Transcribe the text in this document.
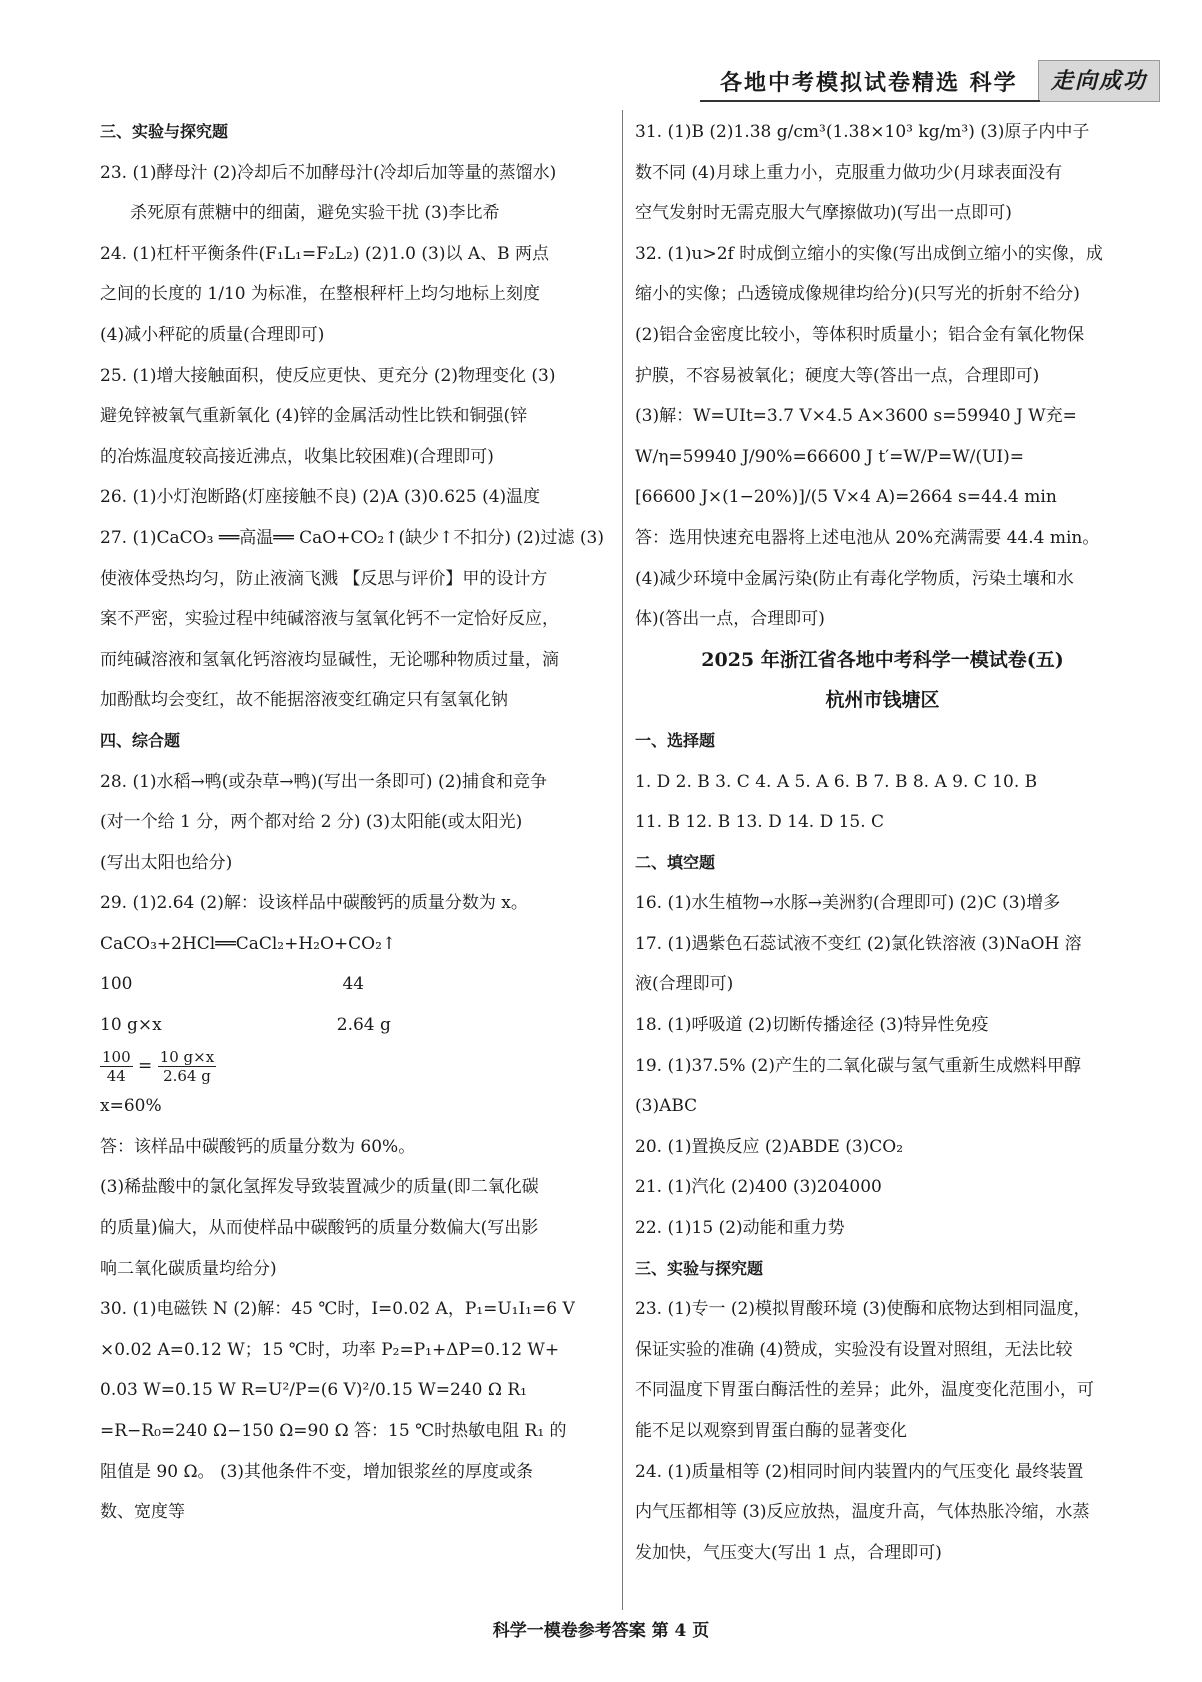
各地中考模拟试卷精选 科学	走向成功
三、实验与探究题
23. (1)酵母汁 (2)冷却后不加酵母汁(冷却后加等量的蒸馏水)
杀死原有蔗糖中的细菌，避免实验干扰 (3)李比希
24. (1)杠杆平衡条件(F₁L₁=F₂L₂) (2)1.0 (3)以 A、B 两点
之间的长度的 1/10 为标准，在整根秤杆上均匀地标上刻度
(4)减小秤砣的质量(合理即可)
25. (1)增大接触面积，使反应更快、更充分 (2)物理变化 (3)
避免锌被氧气重新氧化 (4)锌的金属活动性比铁和铜强(锌
的冶炼温度较高接近沸点，收集比较困难)(合理即可)
26. (1)小灯泡断路(灯座接触不良) (2)A (3)0.625 (4)温度
27. (1)CaCO₃ ══高温══ CaO+CO₂↑(缺少↑不扣分) (2)过滤 (3)
使液体受热均匀，防止液滴飞溅 【反思与评价】甲的设计方
案不严密，实验过程中纯碱溶液与氢氧化钙不一定恰好反应，
而纯碱溶液和氢氧化钙溶液均显碱性，无论哪种物质过量，滴
加酚酞均会变红，故不能据溶液变红确定只有氢氧化钠
四、综合题
28. (1)水稻→鸭(或杂草→鸭)(写出一条即可) (2)捕食和竞争
(对一个给 1 分，两个都对给 2 分) (3)太阳能(或太阳光)
(写出太阳也给分)
29. (1)2.64 (2)解：设该样品中碳酸钙的质量分数为 x。
CaCO₃+2HCl══CaCl₂+H₂O+CO₂↑
100	44
10 g×x	2.64 g
$\frac{100}{44} = \frac{10 g\times x}{2.64 g}$
x=60%
答：该样品中碳酸钙的质量分数为 60%。
(3)稀盐酸中的氯化氢挥发导致装置减少的质量(即二氧化碳
的质量)偏大，从而使样品中碳酸钙的质量分数偏大(写出影
响二氧化碳质量均给分)
30. (1)电磁铁 N (2)解：45 ℃时，I=0.02 A，P₁=U₁I₁=6 V
×0.02 A=0.12 W；15 ℃时，功率 P₂=P₁+ΔP=0.12 W+
0.03 W=0.15 W R=U²/P=(6 V)²/0.15 W=240 Ω R₁
=R−R₀=240 Ω−150 Ω=90 Ω 答：15 ℃时热敏电阻 R₁ 的
阻值是 90 Ω。 (3)其他条件不变，增加银浆丝的厚度或条
数、宽度等
31. (1)B (2)1.38 g/cm³(1.38×10³ kg/m³) (3)原子内中子
数不同 (4)月球上重力小，克服重力做功少(月球表面没有
空气发射时无需克服大气摩擦做功)(写出一点即可)
32. (1)u>2f 时成倒立缩小的实像(写出成倒立缩小的实像，成
缩小的实像；凸透镜成像规律均给分)(只写光的折射不给分)
(2)铝合金密度比较小，等体积时质量小；铝合金有氧化物保
护膜，不容易被氧化；硬度大等(答出一点，合理即可)
(3)解：W=UIt=3.7 V×4.5 A×3600 s=59940 J W充=
W/η=59940 J/90%=66600 J t′=W/P=W/(UI)=
[66600 J×(1−20%)]/(5 V×4 A)=2664 s=44.4 min
答：选用快速充电器将上述电池从 20%充满需要 44.4 min。
(4)减少环境中金属污染(防止有毒化学物质，污染土壤和水
体)(答出一点，合理即可)
2025 年浙江省各地中考科学一模试卷(五)
杭州市钱塘区
一、选择题
1. D 2. B 3. C 4. A 5. A 6. B 7. B 8. A 9. C 10. B
11. B 12. B 13. D 14. D 15. C
二、填空题
16. (1)水生植物→水豚→美洲豹(合理即可) (2)C (3)增多
17. (1)遇紫色石蕊试液不变红 (2)氯化铁溶液 (3)NaOH 溶
液(合理即可)
18. (1)呼吸道 (2)切断传播途径 (3)特异性免疫
19. (1)37.5% (2)产生的二氧化碳与氢气重新生成燃料甲醇
(3)ABC
20. (1)置换反应 (2)ABDE (3)CO₂
21. (1)汽化 (2)400 (3)204000
22. (1)15 (2)动能和重力势
三、实验与探究题
23. (1)专一 (2)模拟胃酸环境 (3)使酶和底物达到相同温度，
保证实验的准确 (4)赞成，实验没有设置对照组，无法比较
不同温度下胃蛋白酶活性的差异；此外，温度变化范围小，可
能不足以观察到胃蛋白酶的显著变化
24. (1)质量相等 (2)相同时间内装置内的气压变化 最终装置
内气压都相等 (3)反应放热，温度升高，气体热胀冷缩，水蒸
发加快，气压变大(写出 1 点，合理即可)
科学一模卷参考答案 第 4 页
